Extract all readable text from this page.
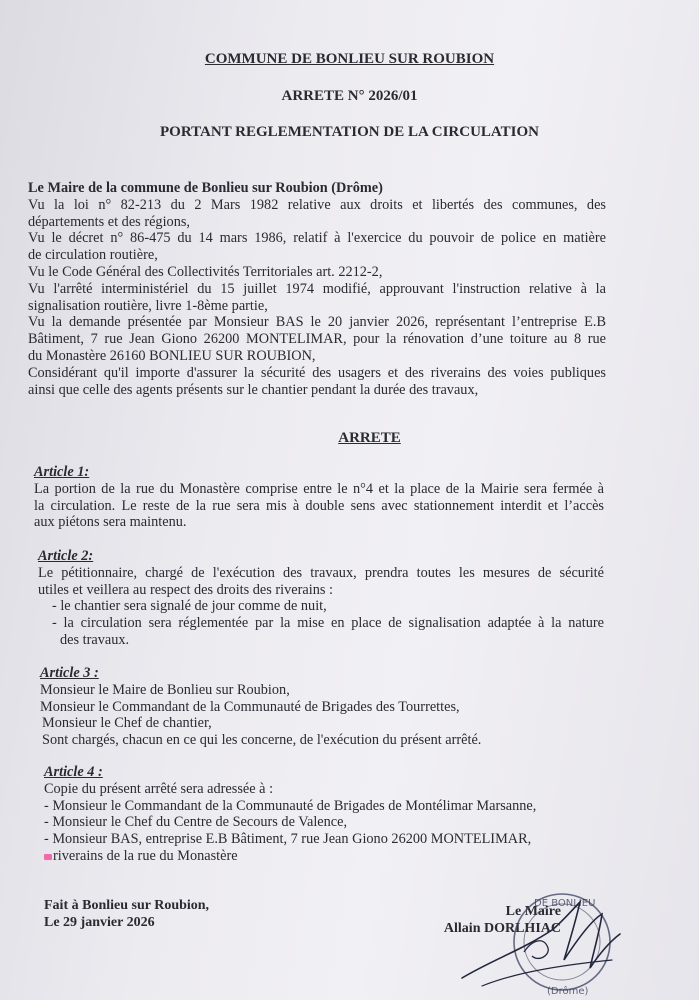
COMMUNE DE BONLIEU SUR ROUBION
ARRETE N° 2026/01
PORTANT REGLEMENTATION DE LA CIRCULATION
Le Maire de la commune de Bonlieu sur Roubion (Drôme)
Vu la loi n° 82-213 du 2 Mars 1982 relative aux droits et libertés des communes, des
départements et des régions,
Vu le décret n° 86-475 du 14 mars 1986, relatif à l'exercice du pouvoir de police en matière
de circulation routière,
Vu le Code Général des Collectivités Territoriales art. 2212-2,
Vu l'arrêté interministériel du 15 juillet 1974 modifié, approuvant l'instruction relative à la
signalisation routière, livre 1-8ème partie,
Vu la demande présentée par Monsieur BAS le 20 janvier 2026, représentant l’entreprise E.B
Bâtiment, 7 rue Jean Giono 26200 MONTELIMAR, pour la rénovation d’une toiture au 8 rue
du Monastère 26160 BONLIEU SUR ROUBION,
Considérant qu'il importe d'assurer la sécurité des usagers et des riverains des voies publiques
ainsi que celle des agents présents sur le chantier pendant la durée des travaux,
ARRETE
Article 1:
La portion de la rue du Monastère comprise entre le n°4 et la place de la Mairie sera fermée à
la circulation. Le reste de la rue sera mis à double sens avec stationnement interdit et l’accès
aux piétons sera maintenu.
Article 2:
Le pétitionnaire, chargé de l'exécution des travaux, prendra toutes les mesures de sécurité
utiles et veillera au respect des droits des riverains :
- le chantier sera signalé de jour comme de nuit,
- la circulation sera réglementée par la mise en place de signalisation adaptée à la nature
des travaux.
Article 3 :
Monsieur le Maire de Bonlieu sur Roubion,
Monsieur le Commandant de la Communauté de Brigades des Tourrettes,
Monsieur le Chef de chantier,
Sont chargés, chacun en ce qui les concerne, de l'exécution du présent arrêté.
Article 4 :
Copie du présent arrêté sera adressée à :
- Monsieur le Commandant de la Communauté de Brigades de Montélimar Marsanne,
- Monsieur le Chef du Centre de Secours de Valence,
- Monsieur BAS, entreprise E.B Bâtiment, 7 rue Jean Giono 26200 MONTELIMAR,
riverains de la rue du Monastère
Fait à Bonlieu sur Roubion,
Le 29 janvier 2026
Le Maire
Allain DORLHIAC
DE BONLIEU
(Drôme)
